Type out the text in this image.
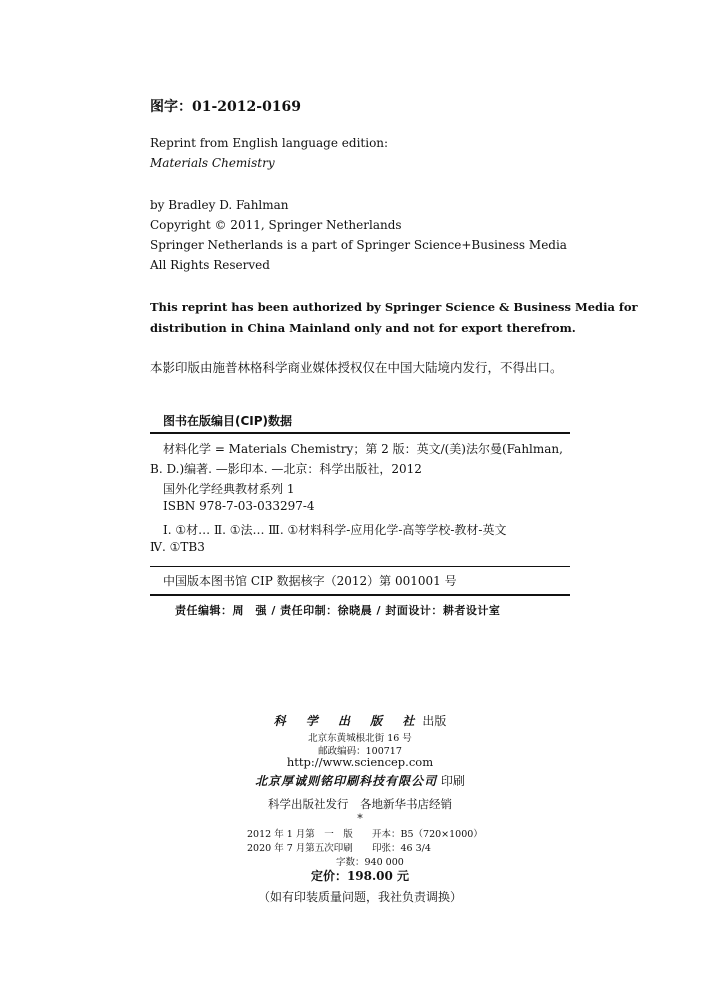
图字：01-2012-0169
Reprint from English language edition:
Materials Chemistry
by Bradley D. Fahlman
Copyright © 2011, Springer Netherlands
Springer Netherlands is a part of Springer Science+Business Media
All Rights Reserved
This reprint has been authorized by Springer Science & Business Media for
distribution in China Mainland only and not for export therefrom.
本影印版由施普林格科学商业媒体授权仅在中国大陆境内发行，不得出口。
图书在版编目(CIP)数据
材料化学 = Materials Chemistry；第 2 版：英文/(美)法尔曼(Fahlman,
B. D.)编著. —影印本. —北京：科学出版社，2012
国外化学经典教材系列 1
ISBN 978-7-03-033297-4
Ⅰ. ①材… Ⅱ. ①法… Ⅲ. ①材料科学-应用化学-高等学校-教材-英文
Ⅳ. ①TB3
中国版本图书馆 CIP 数据核字（2012）第 001001 号
责任编辑：周　强 / 责任印制：徐晓晨 / 封面设计：耕者设计室
科 学 出 版 社出版
北京东黄城根北街 16 号
邮政编码：100717
http://www.sciencep.com
北京厚诚则铭印刷科技有限公司 印刷
科学出版社发行　各地新华书店经销
*
2012 年 1 月第　一　版 开本：B5（720×1000）
2020 年 7 月第五次印刷 印张：46 3/4
字数：940 000
定价：198.00 元
（如有印装质量问题，我社负责调换）
